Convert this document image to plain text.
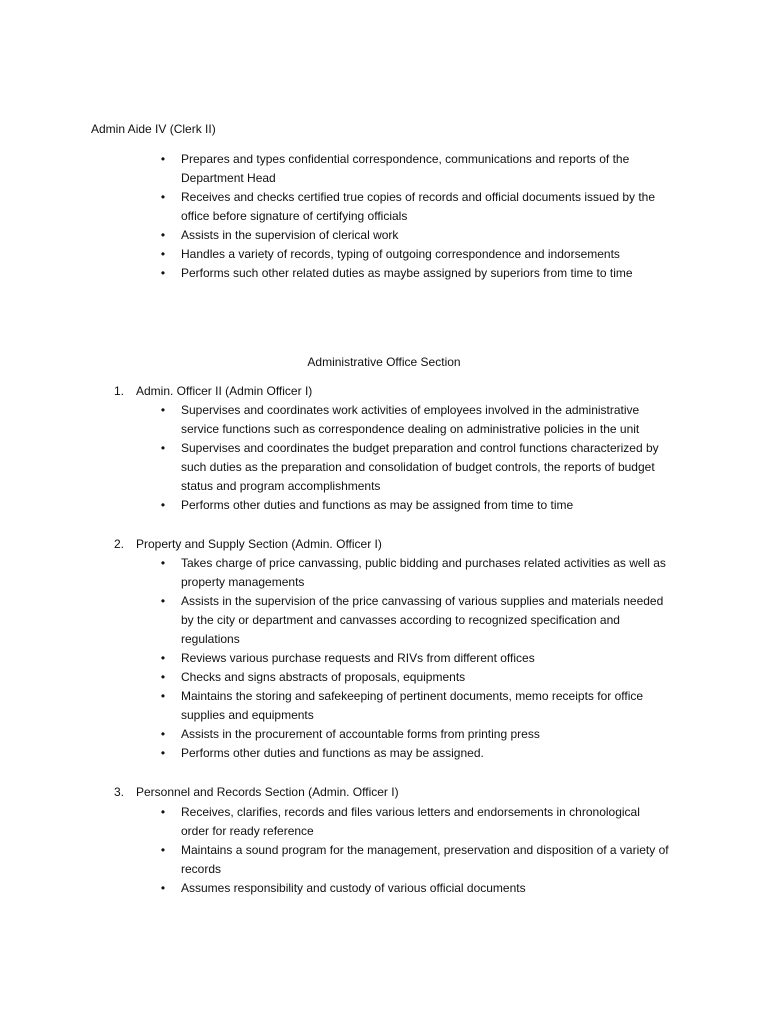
Admin Aide IV (Clerk II)
•	Prepares and types confidential correspondence, communications and reports of the Department Head
•	Receives and checks certified true copies of records and official documents issued by the office before signature of certifying officials
•	Assists in the supervision of clerical work
•	Handles a variety of records, typing of outgoing correspondence and indorsements
•	Performs such other related duties as maybe assigned by superiors from time to time
Administrative Office Section
1. Admin. Officer II (Admin Officer I)
•	Supervises and coordinates work activities of employees involved in the administrative service functions such as correspondence dealing on administrative policies in the unit
•	Supervises and coordinates the budget preparation and control functions characterized by such duties as the preparation and consolidation of budget controls, the reports of budget status and program accomplishments
•	Performs other duties and functions as may be assigned from time to time
2. Property and Supply Section (Admin. Officer I)
•	Takes charge of price canvassing, public bidding and purchases related activities as well as property managements
•	Assists in the supervision of the price canvassing of various supplies and materials needed by the city or department and canvasses according to recognized specification and regulations
•	Reviews various purchase requests and RIVs from different offices
•	Checks and signs abstracts of proposals, equipments
•	Maintains the storing and safekeeping of pertinent documents, memo receipts for office supplies and equipments
•	Assists in the procurement of accountable forms from printing press
•	Performs other duties and functions as may be assigned.
3. Personnel and Records Section (Admin. Officer I)
•	Receives, clarifies, records and files various letters and endorsements in chronological order for ready reference
•	Maintains a sound program for the management, preservation and disposition of a variety of records
•	Assumes responsibility and custody of various official documents
